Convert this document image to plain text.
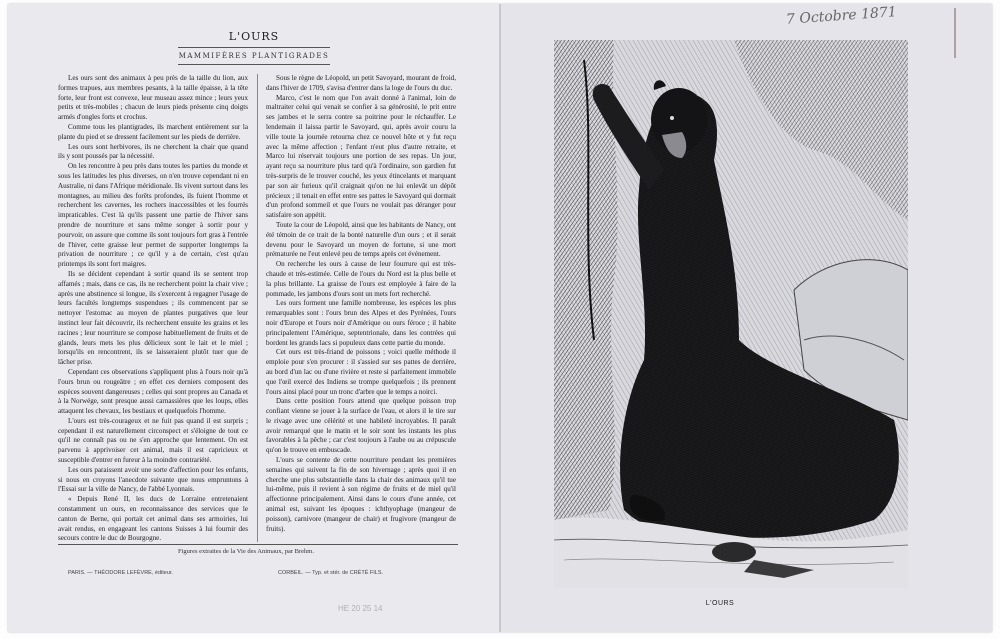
L'OURS
MAMMIFÈRES PLANTIGRADES

Les ours sont des animaux à peu près de la taille du lion, aux formes trapues, aux membres pesants, à la taille épaisse, à la tête forte, leur front est convexe, leur museau assez mince ; leurs yeux petits et très-mobiles ; chacun de leurs pieds présente cinq doigts armés d'ongles forts et crochus.

Comme tous les plantigrades, ils marchent entièrement sur la plante du pied et se dressent facilement sur les pieds de derrière.

Les ours sont herbivores, ils ne cherchent la chair que quand ils y sont poussés par la nécessité.

On les rencontre à peu près dans toutes les parties du monde et sous les latitudes les plus diverses, on n'en trouve cependant ni en Australie, ni dans l'Afrique méridionale. Ils vivent surtout dans les montagnes, au milieu des forêts profondes, ils fuient l'homme et recherchent les cavernes, les rochers inaccessibles et les fourrés impraticables. C'est là qu'ils passent une partie de l'hiver sans prendre de nourriture et sans même songer à sortir pour y pourvoir, on assure que comme ils sont toujours fort gras à l'entrée de l'hiver, cette graisse leur permet de supporter longtemps la privation de nourriture ; ce qu'il y a de certain, c'est qu'au printemps ils sont fort maigres.

Ils se décident cependant à sortir quand ils se sentent trop affamés ; mais, dans ce cas, ils ne recherchent point la chair vive ; après une abstinence si longue, ils s'exercent à regagner l'usage de leurs facultés longtemps suspendues ; ils commencent par se nettoyer l'estomac au moyen de plantes purgatives que leur instinct leur fait découvrir, ils recherchent ensuite les grains et les racines ; leur nourriture se compose habituellement de fruits et de glands, leurs mets les plus délicieux sont le lait et le miel ; lorsqu'ils en rencontrent, ils se laisseraient plutôt tuer que de lâcher prise.

Cependant ces observations s'appliquent plus à l'ours noir qu'à l'ours brun ou rougeâtre ; en effet ces derniers composent des espèces souvent dangereuses ; celles qui sont propres au Canada et à la Norwége, sont presque aussi carnassières que les loups, elles attaquent les chevaux, les bestiaux et quelquefois l'homme.

L'ours est très-courageux et ne fuit pas quand il est surpris ; cependant il est naturellement circonspect et s'éloigne de tout ce qu'il ne connaît pas ou ne s'en approche que lentement. On est parvenu à apprivoiser cet animal, mais il est capricieux et susceptible d'entrer en fureur à la moindre contrariété.

Les ours paraissent avoir une sorte d'affection pour les enfants, si nous en croyons l'anecdote suivante que nous empruntons à l'Essai sur la ville de Nancy, de l'abbé Lyonnais.

« Depuis René II, les ducs de Lorraine entretenaient constamment un ours, en reconnaissance des services que le canton de Berne, qui portait cet animal dans ses armoiries, lui avait rendus, en engageant les cantons Suisses à lui fournir des secours contre le duc de Bourgogne.

Sous le règne de Léopold, un petit Savoyard, mourant de froid, dans l'hiver de 1709, s'avisa d'entrer dans la loge de l'ours du duc.

Marco, c'est le nom que l'on avait donné à l'animal, loin de maltraiter celui qui venait se confier à sa générosité, le prit entre ses jambes et le serra contre sa poitrine pour le réchauffer. Le lendemain il laissa partir le Savoyard, qui, après avoir couru la ville toute la journée retourna chez ce nouvel hôte et y fut reçu avec la même affection ; l'enfant n'eut plus d'autre retraite, et Marco lui réservait toujours une portion de ses repas. Un jour, ayant reçu sa nourriture plus tard qu'à l'ordinaire, son gardien fut très-surpris de le trouver couché, les yeux étincelants et marquant par son air furieux qu'il craignait qu'on ne lui enlevât un dépôt précieux ; il tenait en effet entre ses pattes le Savoyard qui dormait d'un profond sommeil et que l'ours ne voulait pas déranger pour satisfaire son appétit.

Toute la cour de Léopold, ainsi que les habitants de Nancy, ont été témoin de ce trait de la bonté naturelle d'un ours ; et il serait devenu pour le Savoyard un moyen de fortune, si une mort prématurée ne l'eut enlevé peu de temps après cet événement.

On recherche les ours à cause de leur fourrure qui est très-chaude et très-estimée. Celle de l'ours du Nord est la plus belle et la plus brillante. La graisse de l'ours est employée à faire de la pommade, les jambons d'ours sont un mets fort recherché.

Les ours forment une famille nombreuse, les espèces les plus remarquables sont : l'ours brun des Alpes et des Pyrénées, l'ours noir d'Europe et l'ours noir d'Amérique ou ours féroce ; il habite principalement l'Amérique, septentrionale, dans les contrées qui bordent les grands lacs si populeux dans cette partie du monde.

Cet ours est très-friand de poissons ; voici quelle méthode il emploie pour s'en procurer : il s'assied sur ses pattes de derrière, au bord d'un lac ou d'une rivière et reste si parfaitement immobile que l'œil exercé des Indiens se trompe quelquefois ; ils prennent l'ours ainsi placé pour un tronc d'arbre que le temps a noirci.

Dans cette position l'ours attend que quelque poisson trop confiant vienne se jouer à la surface de l'eau, et alors il le tire sur le rivage avec une célérité et une habileté incroyables. Il paraît avoir remarqué que le matin et le soir sont les instants les plus favorables à la pêche ; car c'est toujours à l'aube ou au crépuscule qu'on le trouve en embuscade.

L'ours se contente de cette nourriture pendant les premières semaines qui suivent la fin de son hivernage ; après quoi il en cherche une plus substantielle dans la chair des animaux qu'il tue lui-même, puis il revient à son régime de fruits et de miel qu'il affectionne principalement. Ainsi dans le cours d'une année, cet animal est, suivant les époques : ichthyophage (mangeur de poisson), carnivore (mangeur de chair) et frugivore (mangeur de fruits).

Figures extraites de la Vie des Animaux, par Brehm.
PARIS. — THÉODORE LEFÈVRE, éditeur.	CORBEIL. — Typ. et stér. de CRÉTÉ FILS.
HE 20 25 14
7 Octobre 1871
L'OURS
